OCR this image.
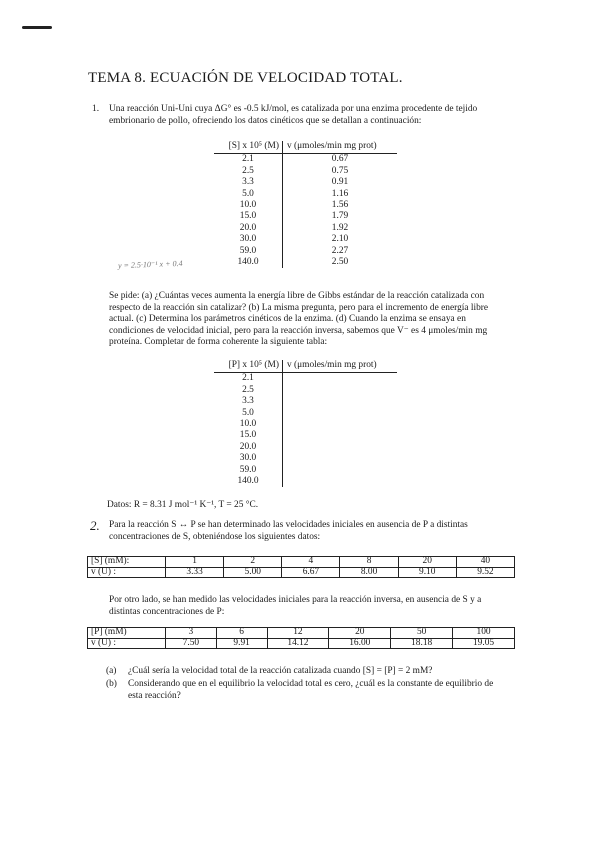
TEMA 8. ECUACIÓN DE VELOCIDAD TOTAL.
1. Una reacción Uni-Uni cuya ΔG° es -0.5 kJ/mol, es catalizada por una enzima procedente de tejido
embrionario de pollo, ofreciendo los datos cinéticos que se detallan a continuación:
[S] x 10⁵ (M)	v (μmoles/min mg prot)
2.1	0.67
2.5	0.75
3.3	0.91
5.0	1.16
10.0	1.56
15.0	1.79
20.0	1.92
30.0	2.10
59.0	2.27
140.0	2.50
y = 2.5·10⁻¹ x + 0.4
Se pide: (a) ¿Cuántas veces aumenta la energía libre de Gibbs estándar de la reacción catalizada con
respecto de la reacción sin catalizar? (b) La misma pregunta, pero para el incremento de energía libre
actual. (c) Determina los parámetros cinéticos de la enzima. (d) Cuando la enzima se ensaya en
condiciones de velocidad inicial, pero para la reacción inversa, sabemos que V⁻ es 4 μmoles/min mg
proteína. Completar de forma coherente la siguiente tabla:
[P] x 10⁵ (M)	v (μmoles/min mg prot)
2.1	
2.5	
3.3	
5.0	
10.0	
15.0	
20.0	
30.0	
59.0	
140.0	
Datos: R = 8.31 J mol⁻¹ K⁻¹, T = 25 °C.
2. Para la reacción S ↔ P se han determinado las velocidades iniciales en ausencia de P a distintas
concentraciones de S, obteniéndose los siguientes datos:
[S] (mM):	1	2	4	8	20	40
v (U) :	3.33	5.00	6.67	8.00	9.10	9.52
Por otro lado, se han medido las velocidades iniciales para la reacción inversa, en ausencia de S y a
distintas concentraciones de P:
[P] (mM)	3	6	12	20	50	100
v (U) :	7.50	9.91	14.12	16.00	18.18	19.05
(a) ¿Cuál sería la velocidad total de la reacción catalizada cuando [S] = [P] = 2 mM?
(b) Considerando que en el equilibrio la velocidad total es cero, ¿cuál es la constante de equilibrio de
esta reacción?
